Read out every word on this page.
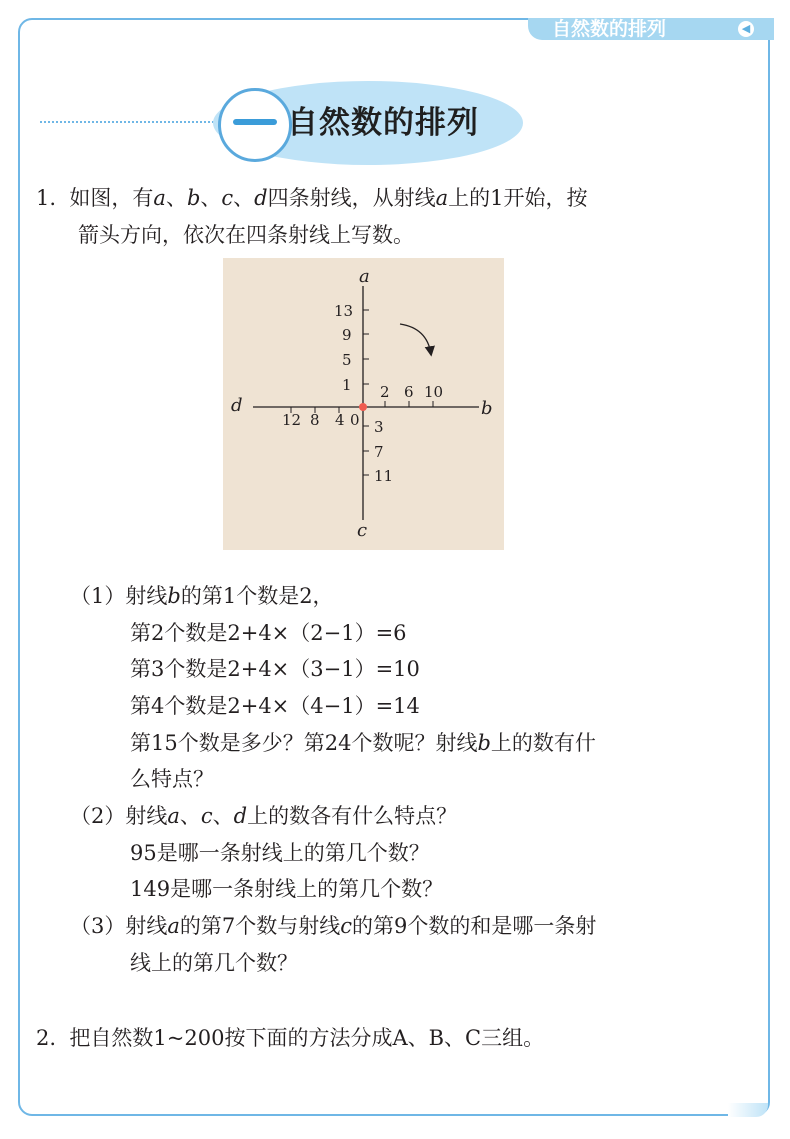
自然数的排列	◀
自然数的排列
1. 如图，有a、b、c、d四条射线，从射线a上的1开始，按
箭头方向，依次在四条射线上写数。
a
b
c
d
1
5
9
13
2 6 10
3
7
11
4
8
12	0
（1）射线b的第1个数是2，
第2个数是2+4×（2−1）=6
第3个数是2+4×（3−1）=10
第4个数是2+4×（4−1）=14
第15个数是多少？第24个数呢？射线b上的数有什
么特点？
（2）射线a、c、d上的数各有什么特点？
95是哪一条射线上的第几个数？
149是哪一条射线上的第几个数？
（3）射线a的第7个数与射线c的第9个数的和是哪一条射
线上的第几个数？
2. 把自然数1~200按下面的方法分成A、B、C三组。
